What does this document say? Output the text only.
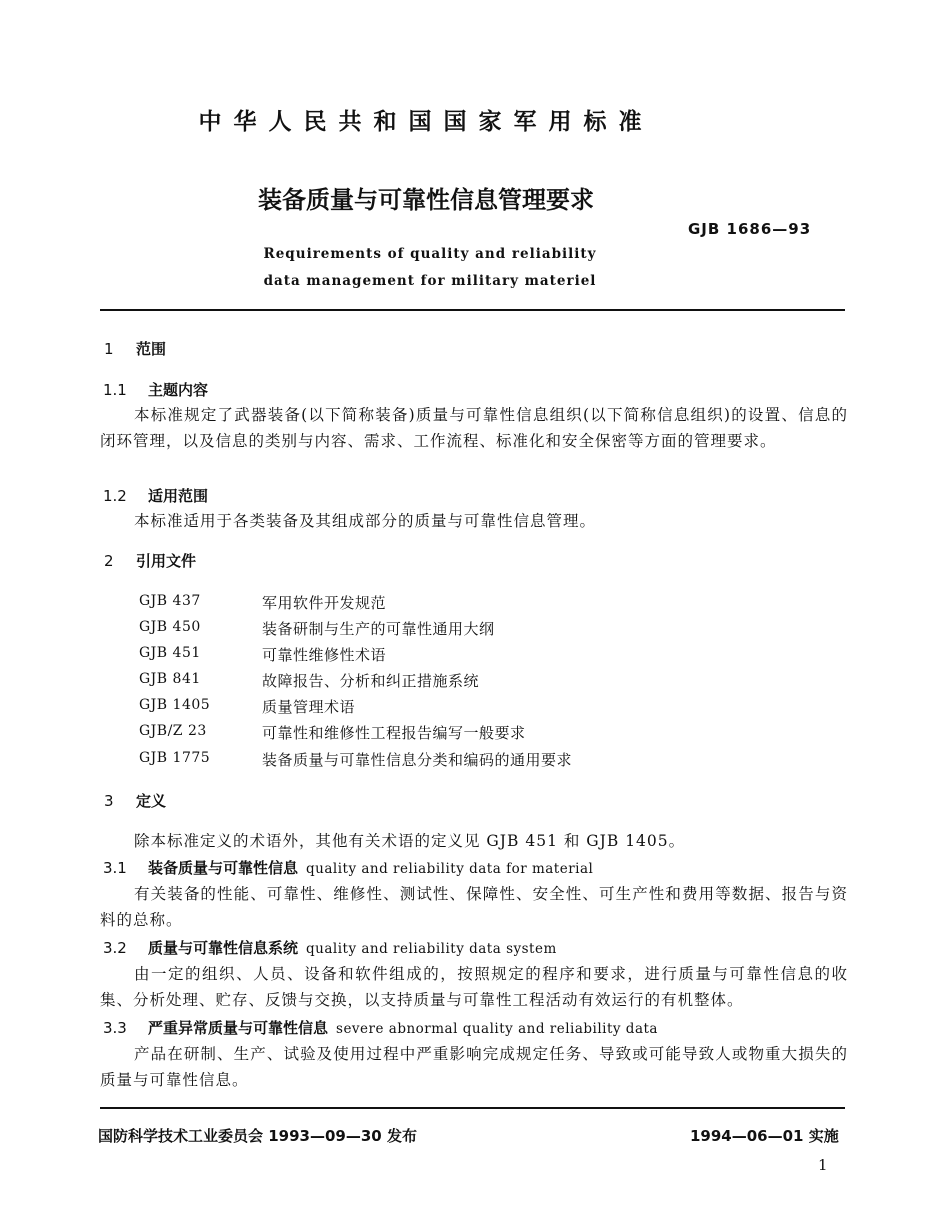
中华人民共和国国家军用标准
装备质量与可靠性信息管理要求
GJB 1686—93
Requirements of quality and reliability
data management for military materiel
1 范围
1.1 主题内容
本标准规定了武器装备(以下简称装备)质量与可靠性信息组织(以下简称信息组织)的设置、信息的闭环管理，以及信息的类别与内容、需求、工作流程、标准化和安全保密等方面的管理要求。
1.2 适用范围
本标准适用于各类装备及其组成部分的质量与可靠性信息管理。
2 引用文件
GJB 437	军用软件开发规范
GJB 450	装备研制与生产的可靠性通用大纲
GJB 451	可靠性维修性术语
GJB 841	故障报告、分析和纠正措施系统
GJB 1405	质量管理术语
GJB/Z 23	可靠性和维修性工程报告编写一般要求
GJB 1775	装备质量与可靠性信息分类和编码的通用要求
3 定义
除本标准定义的术语外，其他有关术语的定义见 GJB 451 和 GJB 1405。
3.1 装备质量与可靠性信息 quality and reliability data for material
有关装备的性能、可靠性、维修性、测试性、保障性、安全性、可生产性和费用等数据、报告与资料的总称。
3.2 质量与可靠性信息系统 quality and reliability data system
由一定的组织、人员、设备和软件组成的，按照规定的程序和要求，进行质量与可靠性信息的收集、分析处理、贮存、反馈与交换，以支持质量与可靠性工程活动有效运行的有机整体。
3.3 严重异常质量与可靠性信息 severe abnormal quality and reliability data
产品在研制、生产、试验及使用过程中严重影响完成规定任务、导致或可能导致人或物重大损失的质量与可靠性信息。
国防科学技术工业委员会 1993—09—30 发布	1994—06—01 实施
1
